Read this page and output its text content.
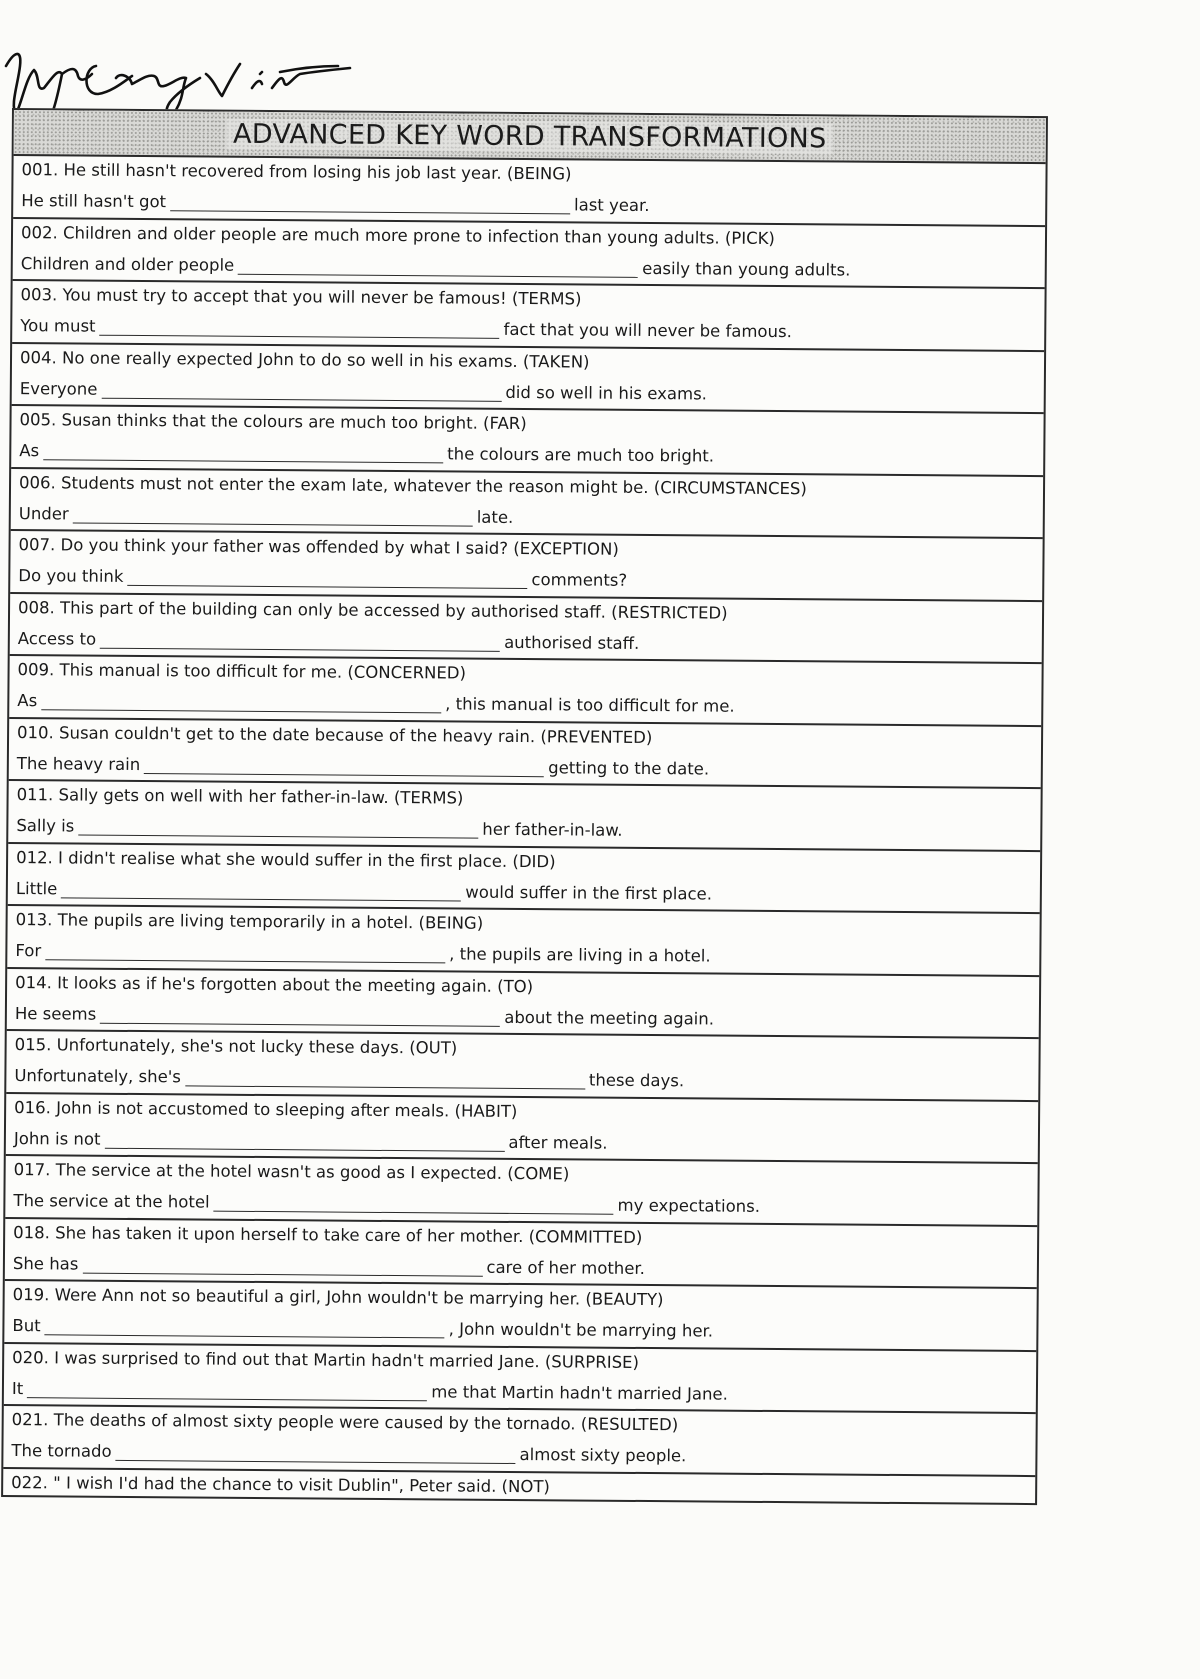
ADVANCED KEY WORD TRANSFORMATIONS
001. He still hasn't recovered from losing his job last year. (BEING)
He still hasn't got	last year.
002. Children and older people are much more prone to infection than young adults. (PICK)
Children and older people	easily than young adults.
003. You must try to accept that you will never be famous! (TERMS)
You must	fact that you will never be famous.
004. No one really expected John to do so well in his exams. (TAKEN)
Everyone	did so well in his exams.
005. Susan thinks that the colours are much too bright. (FAR)
As	the colours are much too bright.
006. Students must not enter the exam late, whatever the reason might be. (CIRCUMSTANCES)
Under	late.
007. Do you think your father was offended by what I said? (EXCEPTION)
Do you think	comments?
008. This part of the building can only be accessed by authorised staff. (RESTRICTED)
Access to	authorised staff.
009. This manual is too difficult for me. (CONCERNED)
As	, this manual is too difficult for me.
010. Susan couldn't get to the date because of the heavy rain. (PREVENTED)
The heavy rain	getting to the date.
011. Sally gets on well with her father-in-law. (TERMS)
Sally is	her father-in-law.
012. I didn't realise what she would suffer in the first place. (DID)
Little	would suffer in the first place.
013. The pupils are living temporarily in a hotel. (BEING)
For	, the pupils are living in a hotel.
014. It looks as if he's forgotten about the meeting again. (TO)
He seems	about the meeting again.
015. Unfortunately, she's not lucky these days. (OUT)
Unfortunately, she's	these days.
016. John is not accustomed to sleeping after meals. (HABIT)
John is not	after meals.
017. The service at the hotel wasn't as good as I expected. (COME)
The service at the hotel	my expectations.
018. She has taken it upon herself to take care of her mother. (COMMITTED)
She has	care of her mother.
019. Were Ann not so beautiful a girl, John wouldn't be marrying her. (BEAUTY)
But	, John wouldn't be marrying her.
020. I was surprised to find out that Martin hadn't married Jane. (SURPRISE)
It	me that Martin hadn't married Jane.
021. The deaths of almost sixty people were caused by the tornado. (RESULTED)
The tornado	almost sixty people.
022. " I wish I'd had the chance to visit Dublin", Peter said. (NOT)
